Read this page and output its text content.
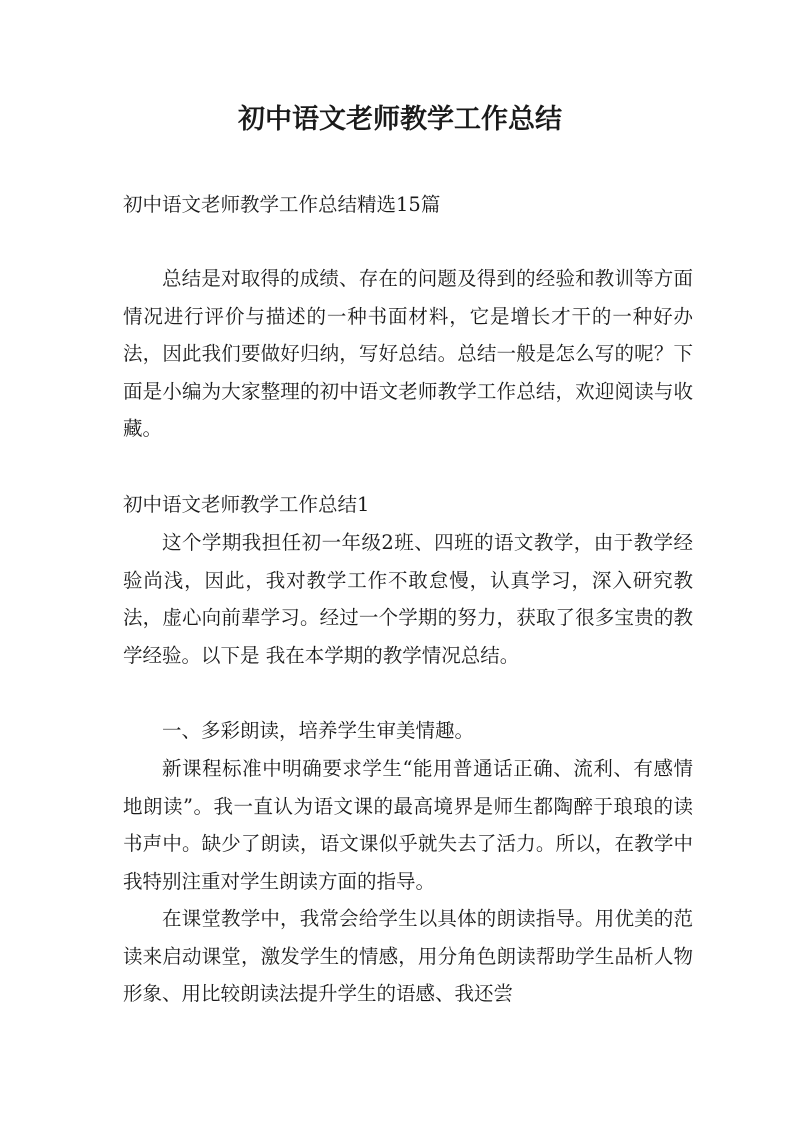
初中语文老师教学工作总结

初中语文老师教学工作总结精选15篇

总结是对取得的成绩、存在的问题及得到的经验和教训等方面情况进行评价与描述的一种书面材料，它是增长才干的一种好办法，因此我们要做好归纳，写好总结。总结一般是怎么写的呢？下面是小编为大家整理的初中语文老师教学工作总结，欢迎阅读与收藏。

初中语文老师教学工作总结1

这个学期我担任初一年级2班、四班的语文教学，由于教学经验尚浅，因此，我对教学工作不敢怠慢，认真学习，深入研究教法，虚心向前辈学习。经过一个学期的努力，获取了很多宝贵的教学经验。以下是 我在本学期的教学情况总结。

一、多彩朗读，培养学生审美情趣。

新课程标准中明确要求学生“能用普通话正确、流利、有感情地朗读”。我一直认为语文课的最高境界是师生都陶醉于琅琅的读书声中。缺少了朗读，语文课似乎就失去了活力。所以，在教学中我特别注重对学生朗读方面的指导。

在课堂教学中，我常会给学生以具体的朗读指导。用优美的范读来启动课堂，激发学生的情感，用分角色朗读帮助学生品析人物形象、用比较朗读法提升学生的语感、我还尝
